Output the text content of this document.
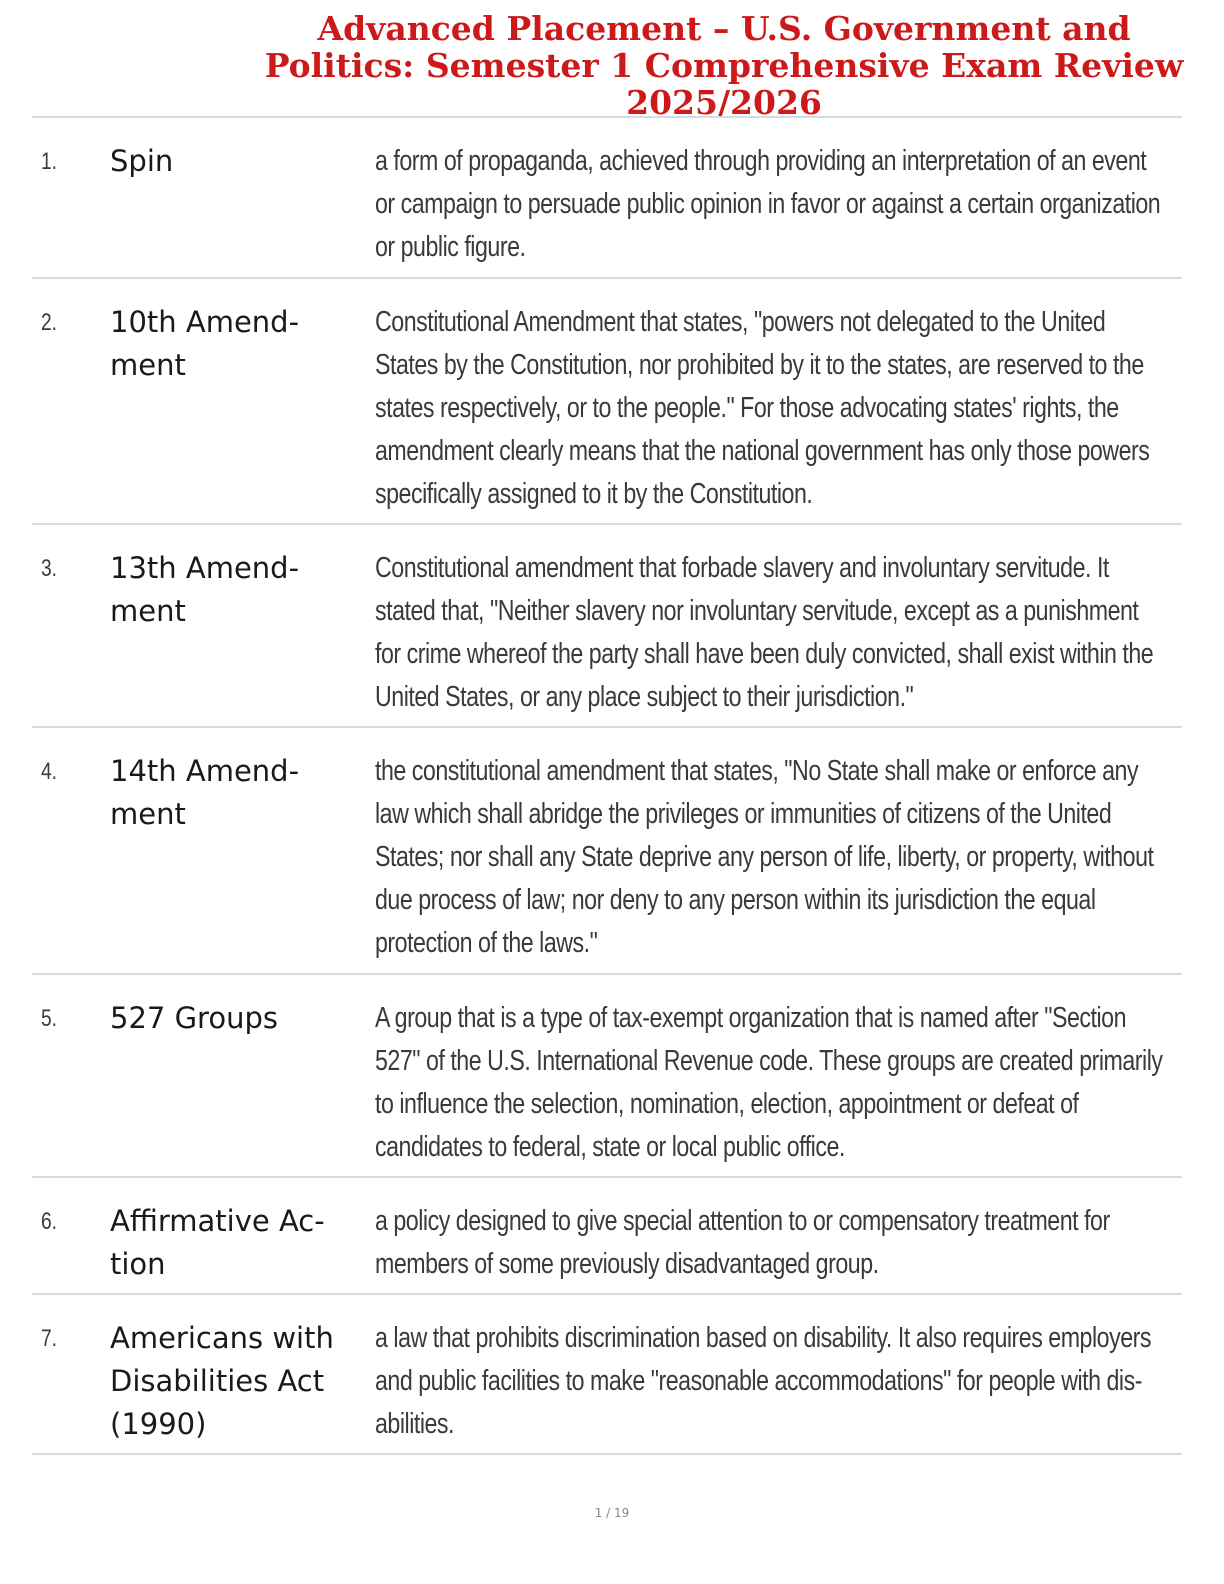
Advanced Placement – U.S. Government and
Politics: Semester 1 Comprehensive Exam Review
2025/2026
1. Spin	a form of propaganda, achieved through providing an interpretation of an event or campaign to persuade public opinion in favor or against a certain organization or public figure.
2. 10th Amend-ment
Constitutional Amendment that states, "powers not delegated to the United States by the Constitution, nor prohibited by it to the states, are reserved to the states respectively, or to the people." For those advocating states' rights, the amendment clearly means that the national government has only those powers specifically assigned to it by the Constitution.
3. 13th Amend-ment
Constitutional amendment that forbade slavery and involuntary servitude. It stated that, "Neither slavery nor involuntary servitude, except as a punishment for crime whereof the party shall have been duly convicted, shall exist within the United States, or any place subject to their jurisdiction."
4. 14th Amend-ment
the constitutional amendment that states, "No State shall make or enforce any law which shall abridge the privileges or immunities of citizens of the United States; nor shall any State deprive any person of life, liberty, or property, without due process of law; nor deny to any person within its jurisdiction the equal protection of the laws."
5. 527 Groups	A group that is a type of tax-exempt organization that is named after "Section 527" of the U.S. International Revenue code. These groups are created primarily to influence the selection, nomination, election, appointment or defeat of candidates to federal, state or local public office.
6. Affirmative Ac-tion
a policy designed to give special attention to or compensatory treatment for members of some previously disadvantaged group.
7. Americans with Disabilities Act (1990)
a law that prohibits discrimination based on disability. It also requires employers and public facilities to make "reasonable accommodations" for people with dis-abilities.
1 / 19
